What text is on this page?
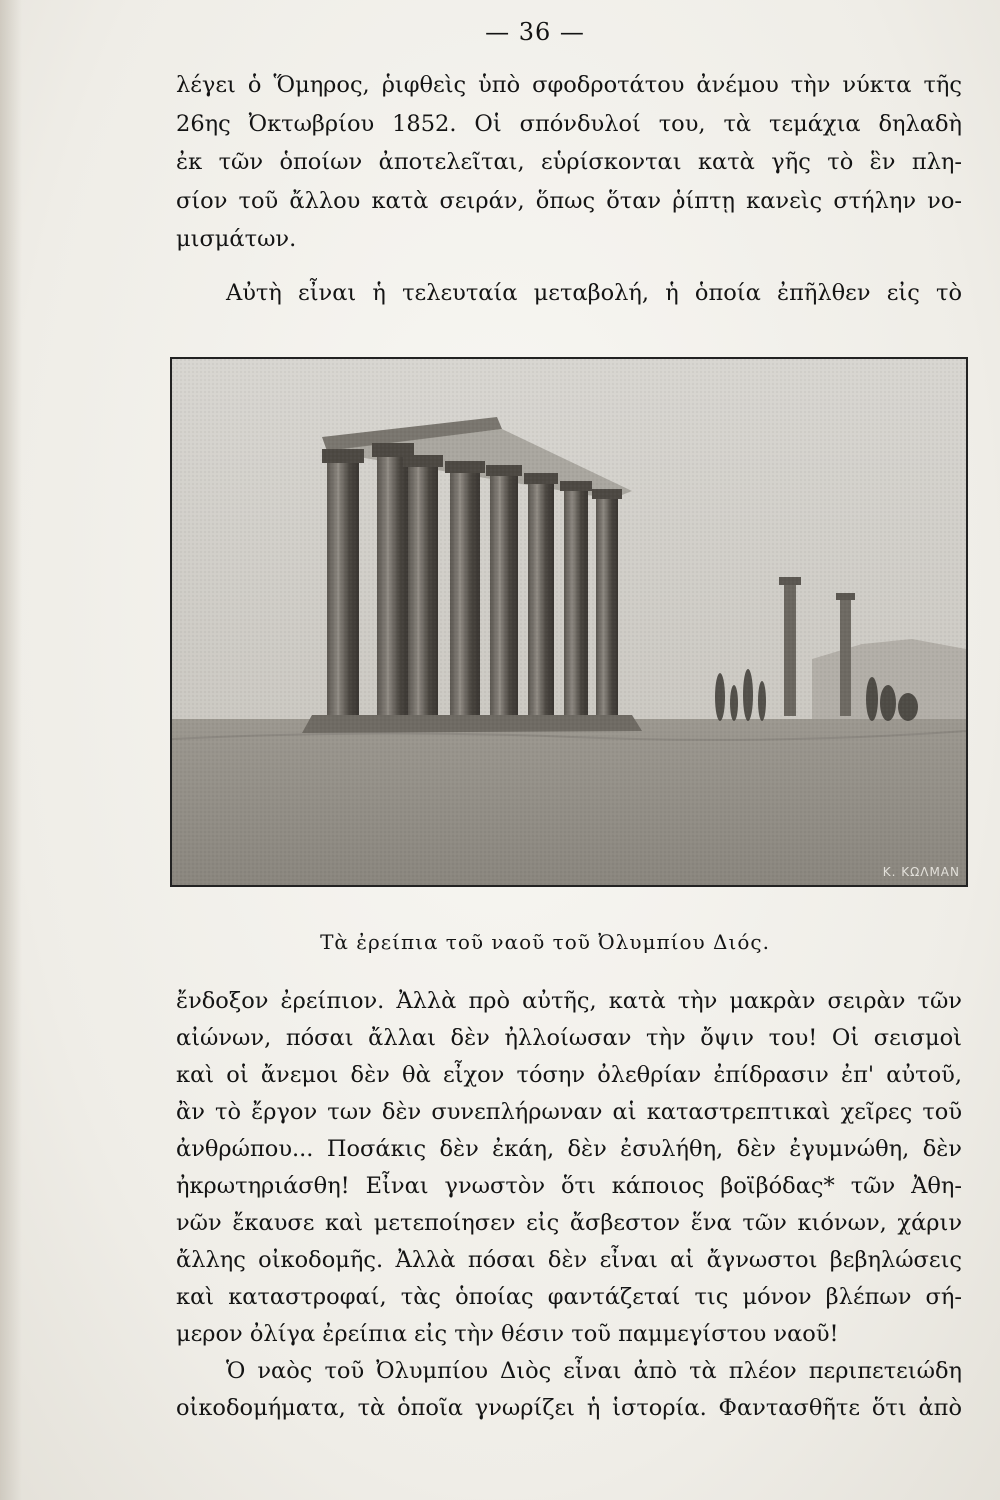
— 36 —
λέγει ὁ Ὅμηρος, ῥιφθεὶς ὑπὸ σφοδροτάτου ἀνέμου τὴν νύκτα τῆς
26ης Ὀκτωβρίου 1852. Οἱ σπόνδυλοί του, τὰ τεμάχια δηλαδὴ
ἐκ τῶν ὁποίων ἀποτελεῖται, εὑρίσκονται κατὰ γῆς τὸ ἓν πλη-
σίον τοῦ ἄλλου κατὰ σειράν, ὅπως ὅταν ῥίπτῃ κανεὶς στήλην νο-
μισμάτων.
Αὐτὴ εἶναι ἡ τελευταία μεταβολή, ἡ ὁποία ἐπῆλθεν εἰς τὸ
Κ. ΚΩΛΜΑΝ
Τὰ ἐρείπια τοῦ ναοῦ τοῦ Ὀλυμπίου Διός.
ἔνδοξον ἐρείπιον. Ἀλλὰ πρὸ αὐτῆς, κατὰ τὴν μακρὰν σειρὰν τῶν
αἰώνων, πόσαι ἄλλαι δὲν ἠλλοίωσαν τὴν ὄψιν του! Οἱ σεισμοὶ
καὶ οἱ ἄνεμοι δὲν θὰ εἶχον τόσην ὀλεθρίαν ἐπίδρασιν ἐπ' αὐτοῦ,
ἂν τὸ ἔργον των δὲν συνεπλήρωναν αἱ καταστρεπτικαὶ χεῖρες τοῦ
ἀνθρώπου... Ποσάκις δὲν ἐκάη, δὲν ἐσυλήθη, δὲν ἐγυμνώθη, δὲν
ἠκρωτηριάσθη! Εἶναι γνωστὸν ὅτι κάποιος βοϊβόδας* τῶν Ἀθη-
νῶν ἔκαυσε καὶ μετεποίησεν εἰς ἄσβεστον ἕνα τῶν κιόνων, χάριν
ἄλλης οἰκοδομῆς. Ἀλλὰ πόσαι δὲν εἶναι αἱ ἄγνωστοι βεβηλώσεις
καὶ καταστροφαί, τὰς ὁποίας φαντάζεταί τις μόνον βλέπων σή-
μερον ὀλίγα ἐρείπια εἰς τὴν θέσιν τοῦ παμμεγίστου ναοῦ!
Ὁ ναὸς τοῦ Ὀλυμπίου Διὸς εἶναι ἀπὸ τὰ πλέον περιπετειώδη
οἰκοδομήματα, τὰ ὁποῖα γνωρίζει ἡ ἱστορία. Φαντασθῆτε ὅτι ἀπὸ
